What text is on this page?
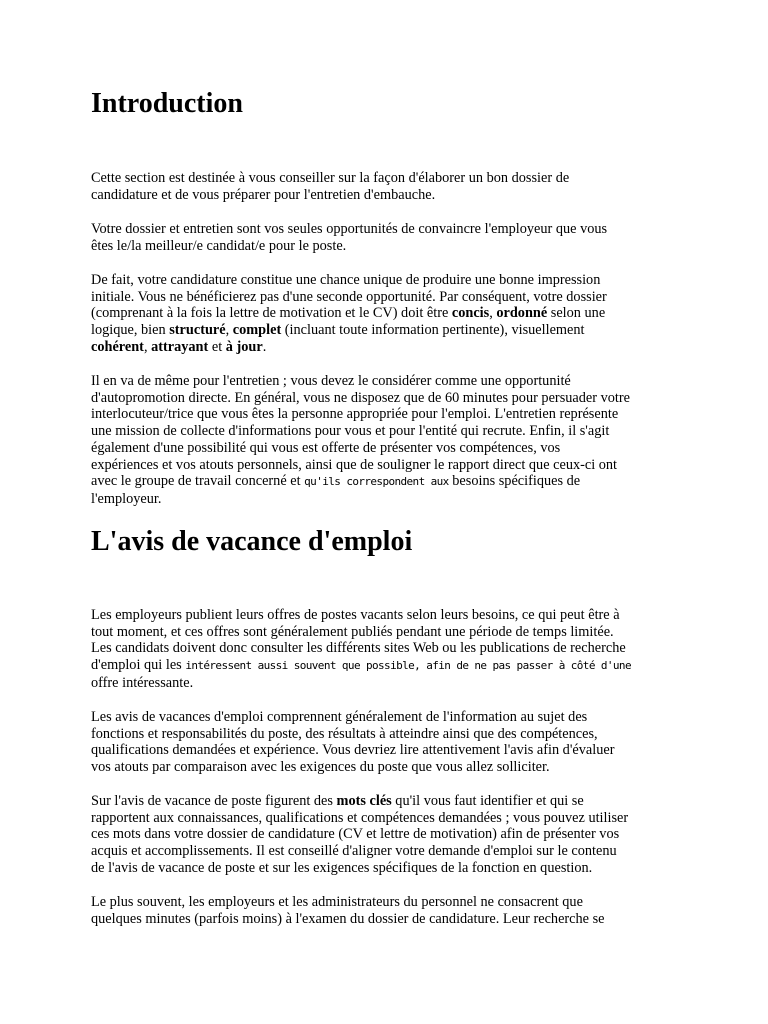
Introduction

Cette section est destinée à vous conseiller sur la façon d'élaborer un bon dossier de
candidature et de vous préparer pour l'entretien d'embauche.

Votre dossier et entretien sont vos seules opportunités de convaincre l'employeur que vous
êtes le/la meilleur/e candidat/e pour le poste.

De fait, votre candidature constitue une chance unique de produire une bonne impression
initiale. Vous ne bénéficierez pas d'une seconde opportunité. Par conséquent, votre dossier
(comprenant à la fois la lettre de motivation et le CV) doit être concis, ordonné selon une
logique, bien structuré, complet (incluant toute information pertinente), visuellement
cohérent, attrayant et à jour.

Il en va de même pour l'entretien ; vous devez le considérer comme une opportunité
d'autopromotion directe. En général, vous ne disposez que de 60 minutes pour persuader votre
interlocuteur/trice que vous êtes la personne appropriée pour l'emploi. L'entretien représente
une mission de collecte d'informations pour vous et pour l'entité qui recrute. Enfin, il s'agit
également d'une possibilité qui vous est offerte de présenter vos compétences, vos
expériences et vos atouts personnels, ainsi que de souligner le rapport direct que ceux-ci ont
avec le groupe de travail concerné et qu'ils correspondent aux besoins spécifiques de
l'employeur.

L'avis de vacance d'emploi

Les employeurs publient leurs offres de postes vacants selon leurs besoins, ce qui peut être à
tout moment, et ces offres sont généralement publiés pendant une période de temps limitée.
Les candidats doivent donc consulter les différents sites Web ou les publications de recherche
d'emploi qui les intéressent aussi souvent que possible, afin de ne pas passer à côté d'une
offre intéressante.

Les avis de vacances d'emploi comprennent généralement de l'information au sujet des
fonctions et responsabilités du poste, des résultats à atteindre ainsi que des compétences,
qualifications demandées et expérience. Vous devriez lire attentivement l'avis afin d'évaluer
vos atouts par comparaison avec les exigences du poste que vous allez solliciter.

Sur l'avis de vacance de poste figurent des mots clés qu'il vous faut identifier et qui se
rapportent aux connaissances, qualifications et compétences demandées ; vous pouvez utiliser
ces mots dans votre dossier de candidature (CV et lettre de motivation) afin de présenter vos
acquis et accomplissements. Il est conseillé d'aligner votre demande d'emploi sur le contenu
de l'avis de vacance de poste et sur les exigences spécifiques de la fonction en question.

Le plus souvent, les employeurs et les administrateurs du personnel ne consacrent que
quelques minutes (parfois moins) à l'examen du dossier de candidature. Leur recherche se
